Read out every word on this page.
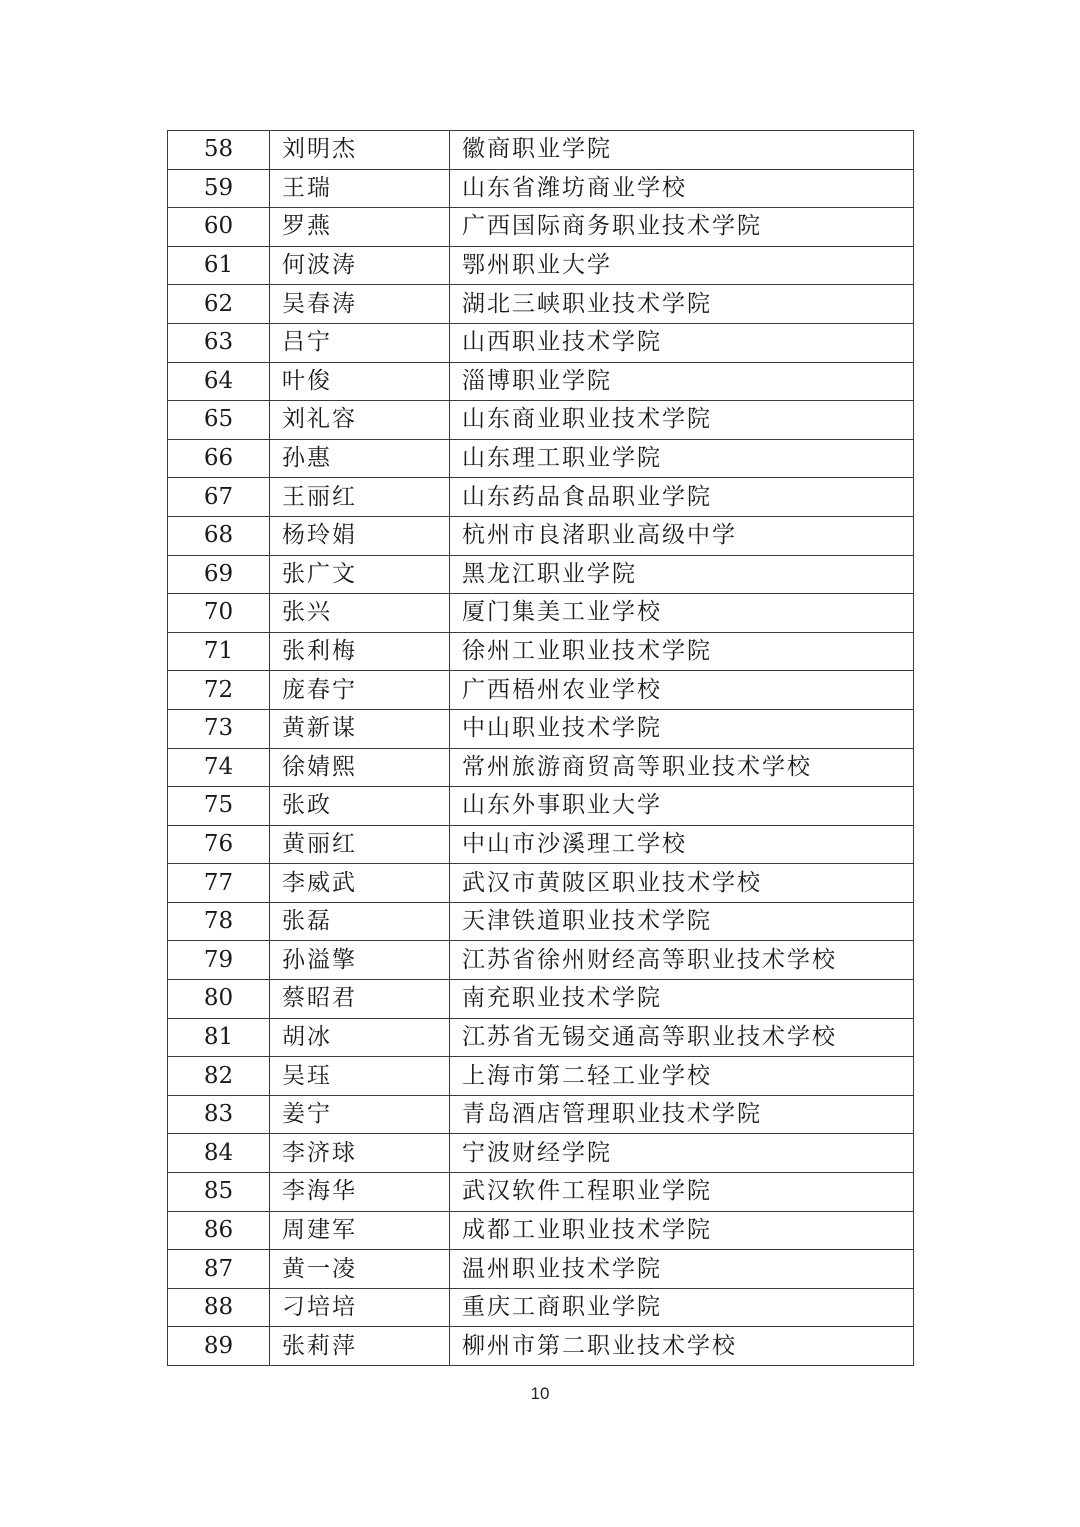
58	刘明杰	徽商职业学院
59	王瑞	山东省潍坊商业学校
60	罗燕	广西国际商务职业技术学院
61	何波涛	鄂州职业大学
62	吴春涛	湖北三峡职业技术学院
63	吕宁	山西职业技术学院
64	叶俊	淄博职业学院
65	刘礼容	山东商业职业技术学院
66	孙惠	山东理工职业学院
67	王丽红	山东药品食品职业学院
68	杨玲娟	杭州市良渚职业高级中学
69	张广文	黑龙江职业学院
70	张兴	厦门集美工业学校
71	张利梅	徐州工业职业技术学院
72	庞春宁	广西梧州农业学校
73	黄新谋	中山职业技术学院
74	徐婧熙	常州旅游商贸高等职业技术学校
75	张政	山东外事职业大学
76	黄丽红	中山市沙溪理工学校
77	李威武	武汉市黄陂区职业技术学校
78	张磊	天津铁道职业技术学院
79	孙溢擎	江苏省徐州财经高等职业技术学校
80	蔡昭君	南充职业技术学院
81	胡冰	江苏省无锡交通高等职业技术学校
82	吴珏	上海市第二轻工业学校
83	姜宁	青岛酒店管理职业技术学院
84	李济球	宁波财经学院
85	李海华	武汉软件工程职业学院
86	周建军	成都工业职业技术学院
87	黄一凌	温州职业技术学院
88	刁培培	重庆工商职业学院
89	张莉萍	柳州市第二职业技术学校
10
